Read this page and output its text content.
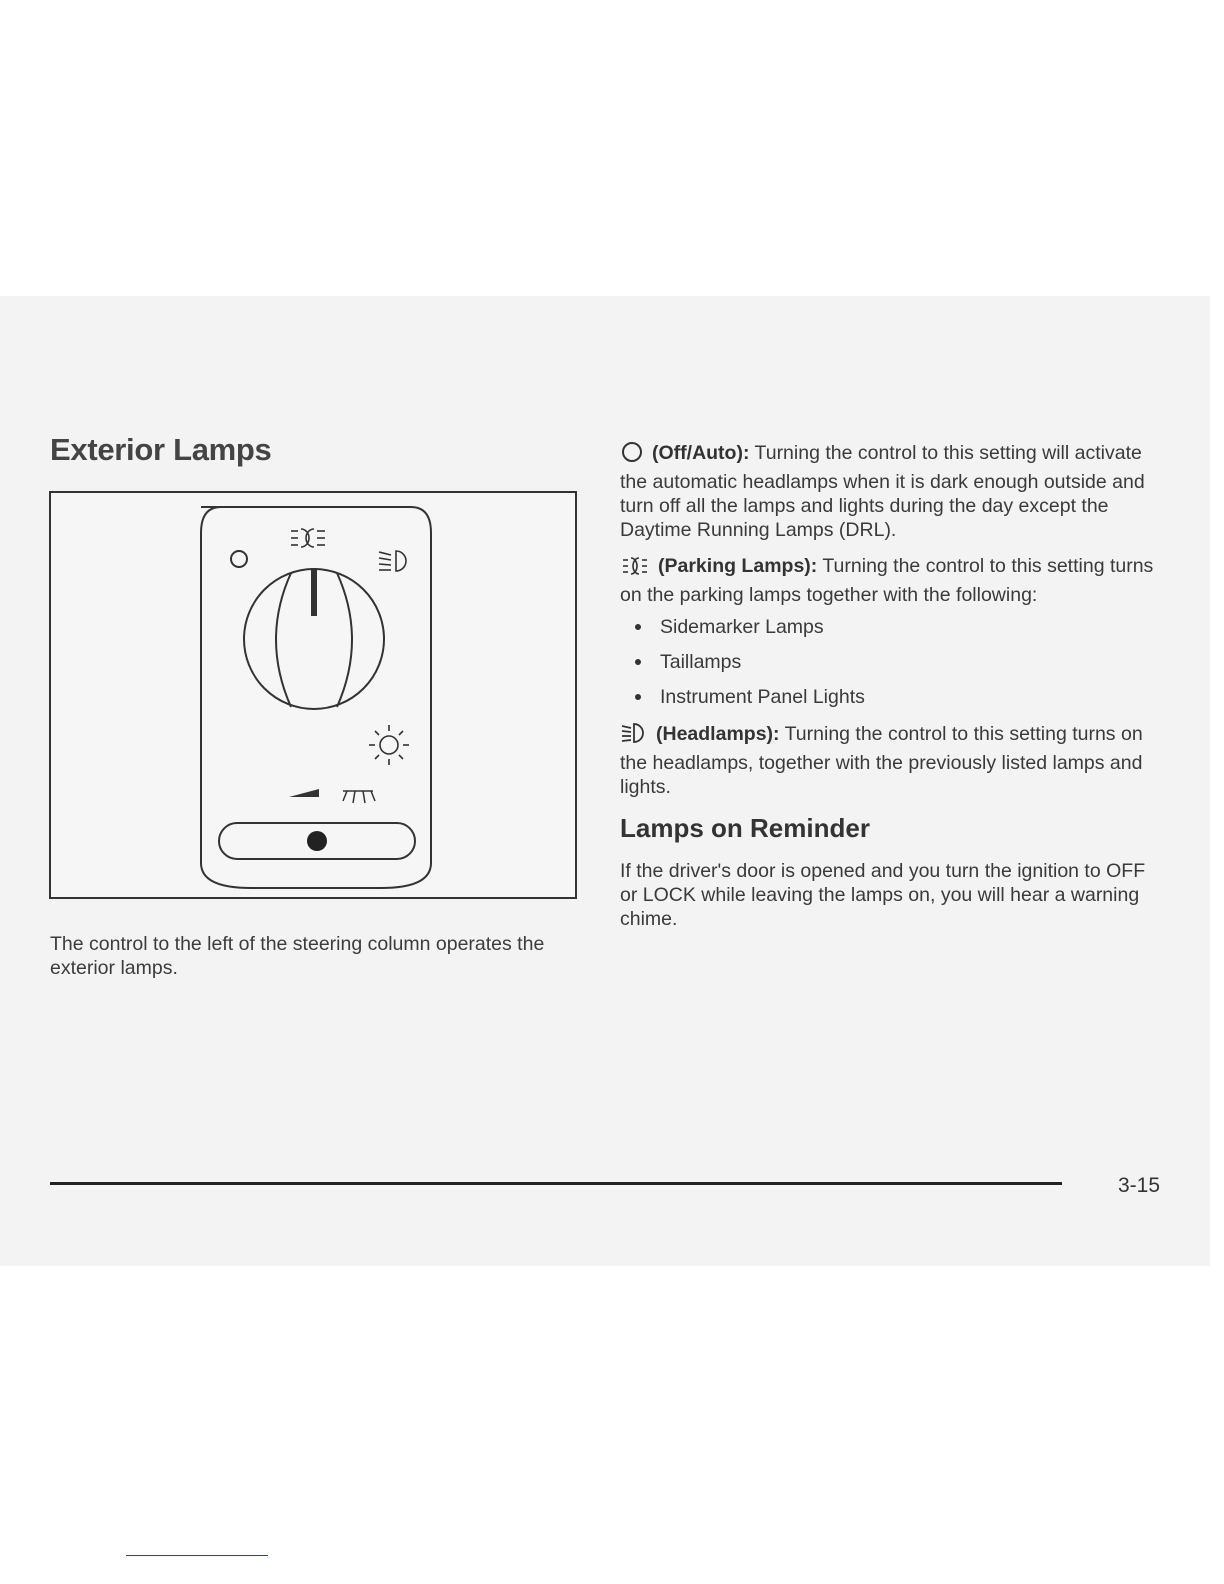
Exterior Lamps

The control to the left of the steering column operates the exterior lamps.

(Off/Auto): Turning the control to this setting will activate the automatic headlamps when it is dark enough outside and turn off all the lamps and lights during the day except the Daytime Running Lamps (DRL).

(Parking Lamps): Turning the control to this setting turns on the parking lamps together with the following:

Sidemarker Lamps
Taillamps
Instrument Panel Lights

(Headlamps): Turning the control to this setting turns on the headlamps, together with the previously listed lamps and lights.

Lamps on Reminder

If the driver's door is opened and you turn the ignition to OFF or LOCK while leaving the lamps on, you will hear a warning chime.

3-15
